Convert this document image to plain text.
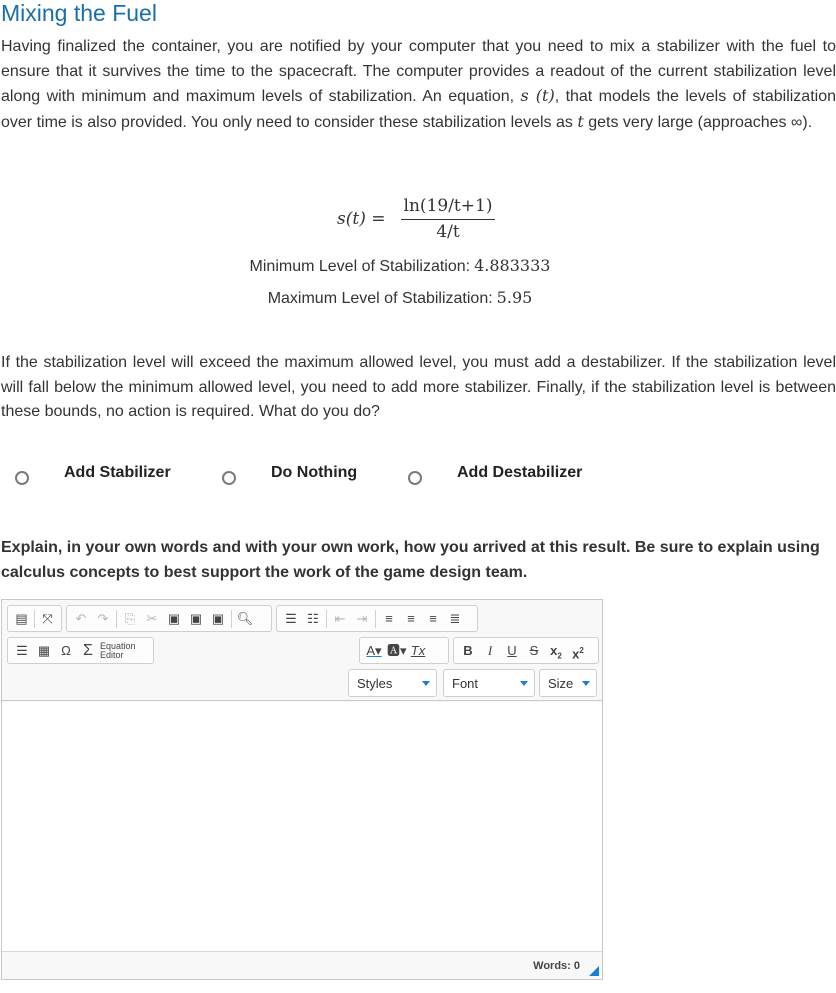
Mixing the Fuel

Having finalized the container, you are notified by your computer that you need to mix a stabilizer with the fuel to ensure that it survives the time to the spacecraft. The computer provides a readout of the current stabilization level along with minimum and maximum levels of stabilization. An equation, s (t), that models the levels of stabilization over time is also provided. You only need to consider these stabilization levels as t gets very large (approaches ∞).

s(t) =
ln(19/t+1)
4/t
Minimum Level of Stabilization: 4.883333
Maximum Level of Stabilization: 5.95

If the stabilization level will exceed the maximum allowed level, you must add a destabilizer. If the stabilization level will fall below the minimum allowed level, you need to add more stabilizer. Finally, if the stabilization level is between these bounds, no action is required. What do you do?

Add Stabilizer	Do Nothing	Add Destabilizer

Explain, in your own words and with your own work, how you arrived at this result. Be sure to explain using calculus concepts to best support the work of the game design team.

▤ ⤧ ↶ ↷ ⎘ ✂ ▣ ▣ ▣ 🔍︎ ☰ ☷ ⇤ ⇥	≡	≡	≡ ≣
☰ ▦ Ω Σ Equation
Editor	A▾ 🅰▾ Tx	B	I	U S $x_2$ $x^2$
Words: 0
Styles	Font	Size
